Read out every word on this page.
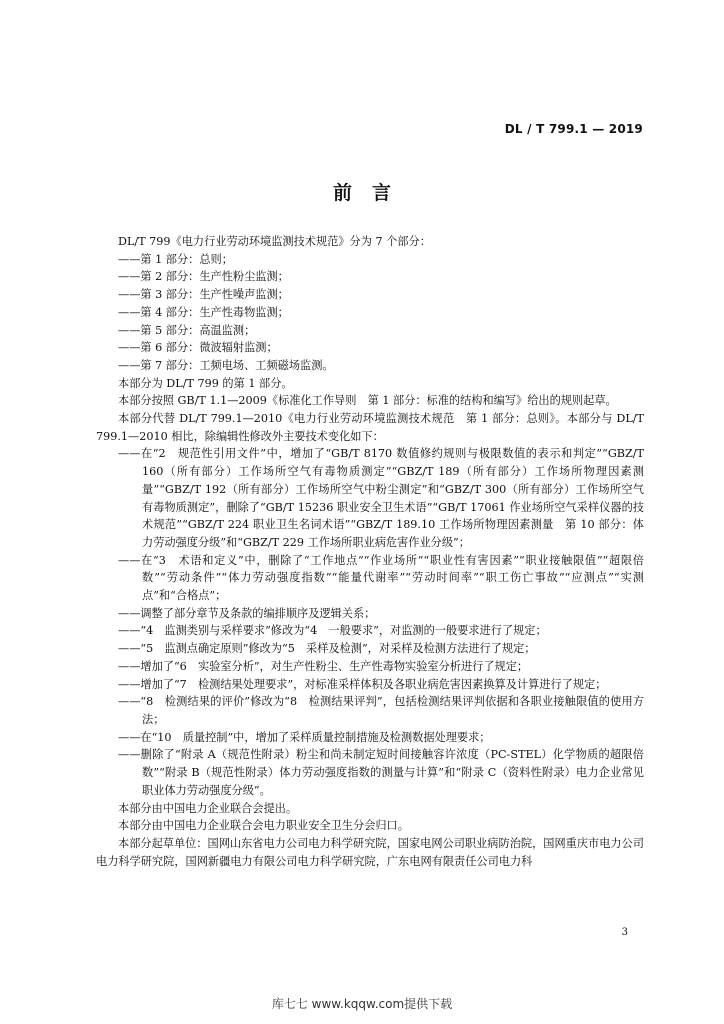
DL / T 799.1 — 2019
前言

DL/T 799《电力行业劳动环境监测技术规范》分为 7 个部分：

——第 1 部分：总则；

——第 2 部分：生产性粉尘监测；

——第 3 部分：生产性噪声监测；

——第 4 部分：生产性毒物监测；

——第 5 部分：高温监测；

——第 6 部分：微波辐射监测；

——第 7 部分：工频电场、工频磁场监测。

本部分为 DL/T 799 的第 1 部分。

本部分按照 GB/T 1.1—2009《标准化工作导则　第 1 部分：标准的结构和编写》给出的规则起草。

本部分代替 DL/T 799.1—2010《电力行业劳动环境监测技术规范　第 1 部分：总则》。本部分与 DL/T 799.1—2010 相比，除编辑性修改外主要技术变化如下：

——在“2　规范性引用文件”中，增加了“GB/T 8170 数值修约规则与极限数值的表示和判定”“GBZ/T 160（所有部分）工作场所空气有毒物质测定”“GBZ/T 189（所有部分）工作场所物理因素测量”“GBZ/T 192（所有部分）工作场所空气中粉尘测定”和“GBZ/T 300（所有部分）工作场所空气有毒物质测定”，删除了“GB/T 15236 职业安全卫生术语”“GB/T 17061 作业场所空气采样仪器的技术规范”“GBZ/T 224 职业卫生名词术语”“GBZ/T 189.10 工作场所物理因素测量　第 10 部分：体力劳动强度分级”和“GBZ/T 229 工作场所职业病危害作业分级”；

——在“3　术语和定义”中，删除了“工作地点”“作业场所”“职业性有害因素”“职业接触限值”“超限倍数”“劳动条件”“体力劳动强度指数”“能量代谢率”“劳动时间率”“职工伤亡事故”“应测点”“实测点”和“合格点”；

——调整了部分章节及条款的编排顺序及逻辑关系；

——“4　监测类别与采样要求”修改为“4　一般要求”，对监测的一般要求进行了规定；

——“5　监测点确定原则”修改为“5　采样及检测”，对采样及检测方法进行了规定；

——增加了“6　实验室分析”，对生产性粉尘、生产性毒物实验室分析进行了规定；

——增加了“7　检测结果处理要求”，对标准采样体积及各职业病危害因素换算及计算进行了规定；

——“8　检测结果的评价”修改为“8　检测结果评判”，包括检测结果评判依据和各职业接触限值的使用方法；

——在“10　质量控制”中，增加了采样质量控制措施及检测数据处理要求；

——删除了“附录 A（规范性附录）粉尘和尚未制定短时间接触容许浓度（PC-STEL）化学物质的超限倍数”“附录 B（规范性附录）体力劳动强度指数的测量与计算”和“附录 C（资料性附录）电力企业常见职业体力劳动强度分级”。

本部分由中国电力企业联合会提出。

本部分由中国电力企业联合会电力职业安全卫生分会归口。

本部分起草单位：国网山东省电力公司电力科学研究院，国家电网公司职业病防治院，国网重庆市电力公司电力科学研究院，国网新疆电力有限公司电力科学研究院，广东电网有限责任公司电力科

3
库七七 www.kqqw.com提供下载
